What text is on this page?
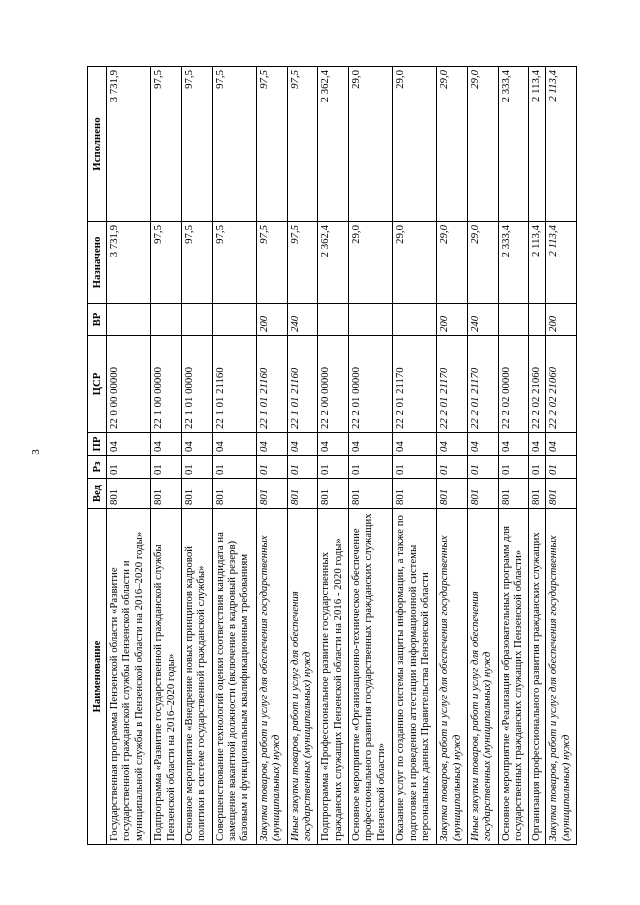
3
Наименование	Вед	Рз	ПР	ЦСР	ВР	Назначено	Исполнено
Государственная программа Пензенской области «Развитие государственной гражданской службы Пензенской области и муниципальной службы в Пензенской области на 2016–2020 годы»	801	01	04	22 0 00 00000		3 731,9	3 731,9
Подпрограмма «Развитие государственной гражданской службы Пензенской области на 2016–2020 годы»	801	01	04	22 1 00 00000		97,5	97,5
Основное мероприятие «Внедрение новых принципов кадровой политики в системе государственной гражданской службы»	801	01	04	22 1 01 00000		97,5	97,5
Совершенствование технологий оценки соответствия кандидата на замещение вакантной должности (включение в кадровый резерв) базовым и функциональным квалификационным требованиям	801	01	04	22 1 01 21160		97,5	97,5
Закупка товаров, работ и услуг для обеспечения государственных (муниципальных) нужд	801	01	04	22 1 01 21160	200	97,5	97,5
Иные закупки товаров, работ и услуг для обеспечения государственных (муниципальных) нужд	801	01	04	22 1 01 21160	240	97,5	97,5
Подпрограмма «Профессиональное развитие государственных гражданских служащих Пензенской области на 2016 - 2020 годы»	801	01	04	22 2 00 00000		2 362,4	2 362,4
Основное мероприятие «Организационно-техническое обеспечение профессионального развития государственных гражданских служащих Пензенской области»	801	01	04	22 2 01 00000		29,0	29,0
Оказание услуг по созданию системы защиты информации, а также по подготовке и проведению аттестации информационной системы персональных данных Правительства Пензенской области	801	01	04	22 2 01 21170		29,0	29,0
Закупка товаров, работ и услуг для обеспечения государственных (муниципальных) нужд	801	01	04	22 2 01 21170	200	29,0	29,0
Иные закупки товаров, работ и услуг для обеспечения государственных (муниципальных) нужд	801	01	04	22 2 01 21170	240	29,0	29,0
Основное мероприятие «Реализация образовательных программ для государственных гражданских служащих Пензенской области»	801	01	04	22 2 02 00000		2 333,4	2 333,4
Организация профессионального развития гражданских служащих	801	01	04	22 2 02 21060		2 113,4	2 113,4
Закупка товаров, работ и услуг для обеспечения государственных (муниципальных) нужд	801	01	04	22 2 02 21060	200	2 113,4	2 113,4
